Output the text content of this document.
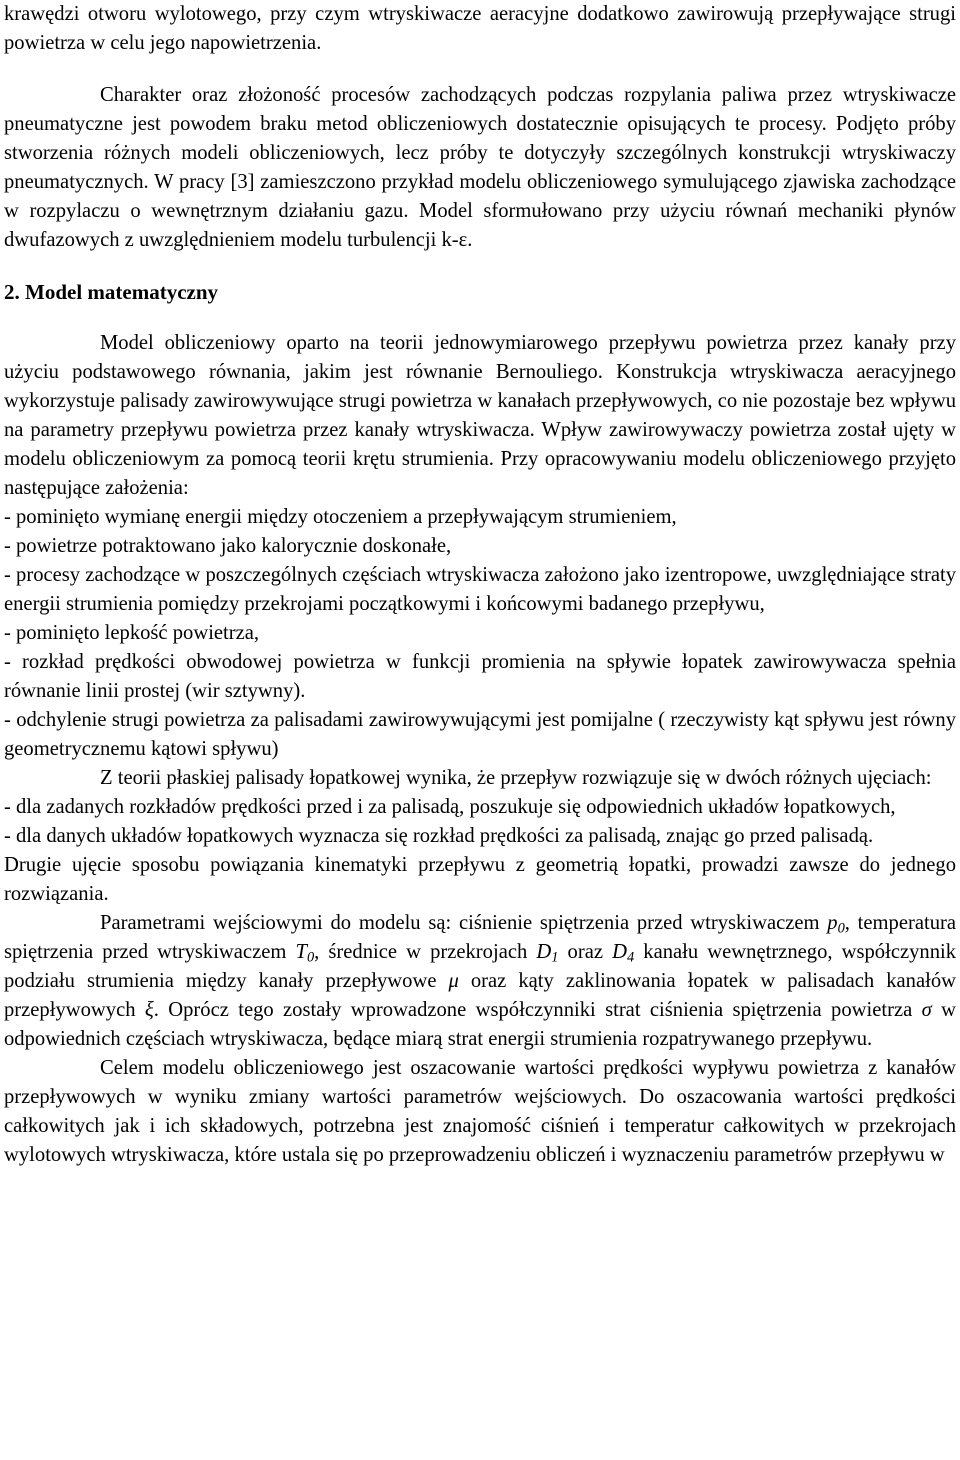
krawędzi otworu wylotowego, przy czym wtryskiwacze aeracyjne dodatkowo zawirowują przepływające strugi powietrza w celu jego napowietrzenia.

Charakter oraz złożoność procesów zachodzących podczas rozpylania paliwa przez wtryskiwacze pneumatyczne jest powodem braku metod obliczeniowych dostatecznie opisujących te procesy. Podjęto próby stworzenia różnych modeli obliczeniowych, lecz próby te dotyczyły szczególnych konstrukcji wtryskiwaczy pneumatycznych. W pracy [3] zamieszczono przykład modelu obliczeniowego symulującego zjawiska zachodzące w rozpylaczu o wewnętrznym działaniu gazu. Model sformułowano przy użyciu równań mechaniki płynów dwufazowych z uwzględnieniem modelu turbulencji k-ε.

2. Model matematyczny

Model obliczeniowy oparto na teorii jednowymiarowego przepływu powietrza przez kanały przy użyciu podstawowego równania, jakim jest równanie Bernouliego. Konstrukcja wtryskiwacza aeracyjnego wykorzystuje palisady zawirowywujące strugi powietrza w kanałach przepływowych, co nie pozostaje bez wpływu na parametry przepływu powietrza przez kanały wtryskiwacza. Wpływ zawirowywaczy powietrza został ujęty w modelu obliczeniowym za pomocą teorii krętu strumienia. Przy opracowywaniu modelu obliczeniowego przyjęto następujące założenia:

- pominięto wymianę energii między otoczeniem a przepływającym strumieniem,

- powietrze potraktowano jako kalorycznie doskonałe,

- procesy zachodzące w poszczególnych częściach wtryskiwacza założono jako izentropowe, uwzględniające straty energii strumienia pomiędzy przekrojami początkowymi i końcowymi badanego przepływu,

- pominięto lepkość powietrza,

- rozkład prędkości obwodowej powietrza w funkcji promienia na spływie łopatek zawirowywacza spełnia równanie linii prostej (wir sztywny).

- odchylenie strugi powietrza za palisadami zawirowywującymi jest pomijalne ( rzeczywisty kąt spływu jest równy geometrycznemu kątowi spływu)

Z teorii płaskiej palisady łopatkowej wynika, że przepływ rozwiązuje się w dwóch różnych ujęciach:

- dla zadanych rozkładów prędkości przed i za palisadą, poszukuje się odpowiednich układów łopatkowych,

- dla danych układów łopatkowych wyznacza się rozkład prędkości za palisadą, znając go przed palisadą.

Drugie ujęcie sposobu powiązania kinematyki przepływu z geometrią łopatki, prowadzi zawsze do jednego rozwiązania.

Parametrami wejściowymi do modelu są: ciśnienie spiętrzenia przed wtryskiwaczem $p_0$, temperatura spiętrzenia przed wtryskiwaczem $T_0$, średnice w przekrojach $D_1$ oraz $D_4$ kanału wewnętrznego, współczynnik podziału strumienia między kanały przepływowe μ oraz kąty zaklinowania łopatek w palisadach kanałów przepływowych ξ. Oprócz tego zostały wprowadzone współczynniki strat ciśnienia spiętrzenia powietrza σ w odpowiednich częściach wtryskiwacza, będące miarą strat energii strumienia rozpatrywanego przepływu.

Celem modelu obliczeniowego jest oszacowanie wartości prędkości wypływu powietrza z kanałów przepływowych w wyniku zmiany wartości parametrów wejściowych. Do oszacowania wartości prędkości całkowitych jak i ich składowych, potrzebna jest znajomość ciśnień i temperatur całkowitych w przekrojach wylotowych wtryskiwacza, które ustala się po przeprowadzeniu obliczeń i wyznaczeniu parametrów przepływu w
